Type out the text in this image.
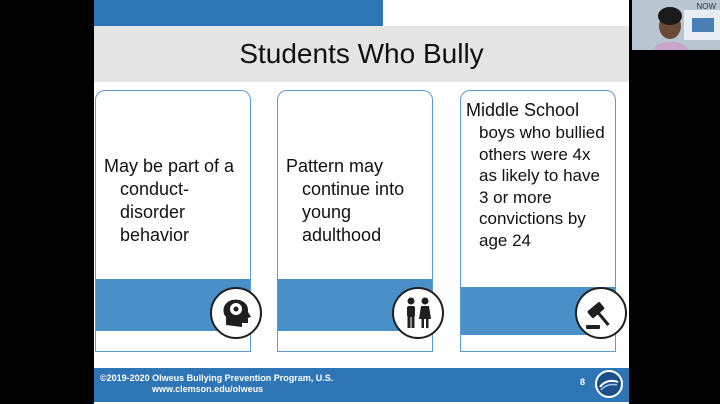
Students Who Bully
May be part of a
conduct-disorder behavior
Pattern may
continue into young adulthood
Middle School
boys who bullied others were 4x as likely to have 3 or more convictions by age 24
©2019-2020 Olweus Bullying Prevention Program, U.S.
www.clemson.edu/olweus
8
NOW
